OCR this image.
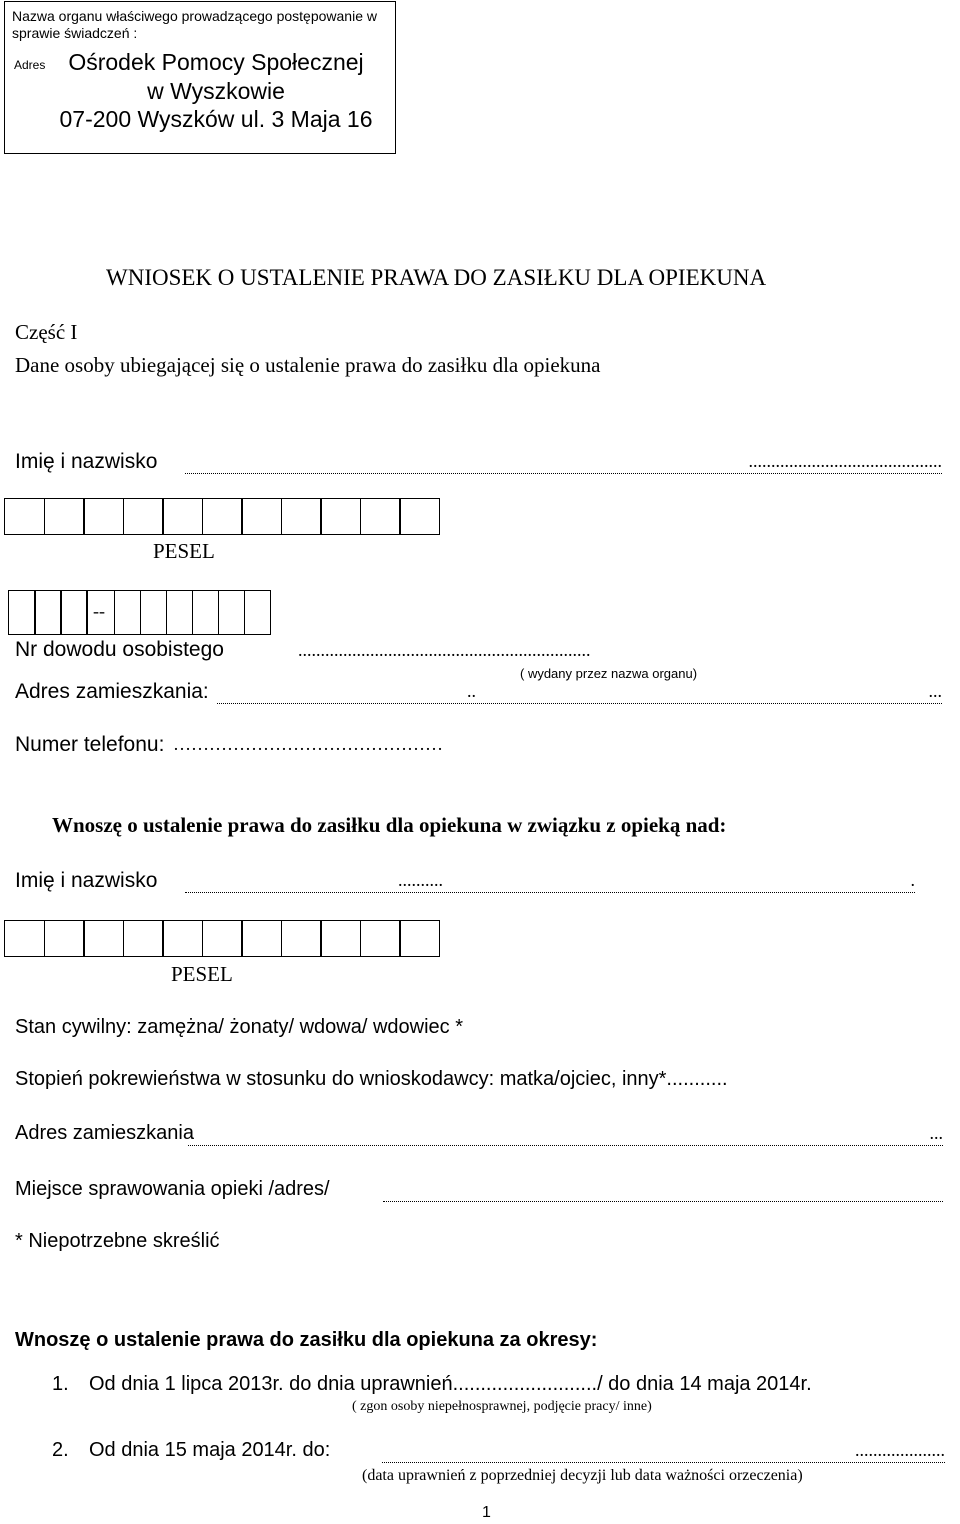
Nazwa organu właściwego prowadzącego postępowanie w sprawie świadczeń :
Adres Ośrodek Pomocy Społecznej
w Wyszkowie
07-200 Wyszków ul. 3 Maja 16
WNIOSEK O USTALENIE PRAWA DO ZASIŁKU DLA OPIEKUNA
Część I
Dane osoby ubiegającej się o ustalenie prawa do zasiłku dla opiekuna
Imię i nazwisko	...........................................
PESEL
--
Nr dowodu osobistego	.................................................................
( wydany przez nazwa organu)
Adres zamieszkania:	..	...
Numer telefonu: ………………………………………
Wnoszę o ustalenie prawa do zasiłku dla opiekuna w związku z opieką nad:
Imię i nazwisko	..........	.
PESEL
Stan cywilny: zamężna/ żonaty/ wdowa/ wdowiec *
Stopień pokrewieństwa w stosunku do wnioskodawcy: matka/ojciec, inny*...........
Adres zamieszkania	...
Miejsce sprawowania opieki /adres/
* Niepotrzebne skreślić
Wnoszę o ustalenie prawa do zasiłku dla opiekuna za okresy:
1. Od dnia 1 lipca 2013r. do dnia uprawnień........................../ do dnia 14 maja 2014r.
( zgon osoby niepełnosprawnej, podjęcie pracy/ inne)
2. Od dnia 15 maja 2014r. do:	....................
(data uprawnień z poprzedniej decyzji lub data ważności orzeczenia)
1
